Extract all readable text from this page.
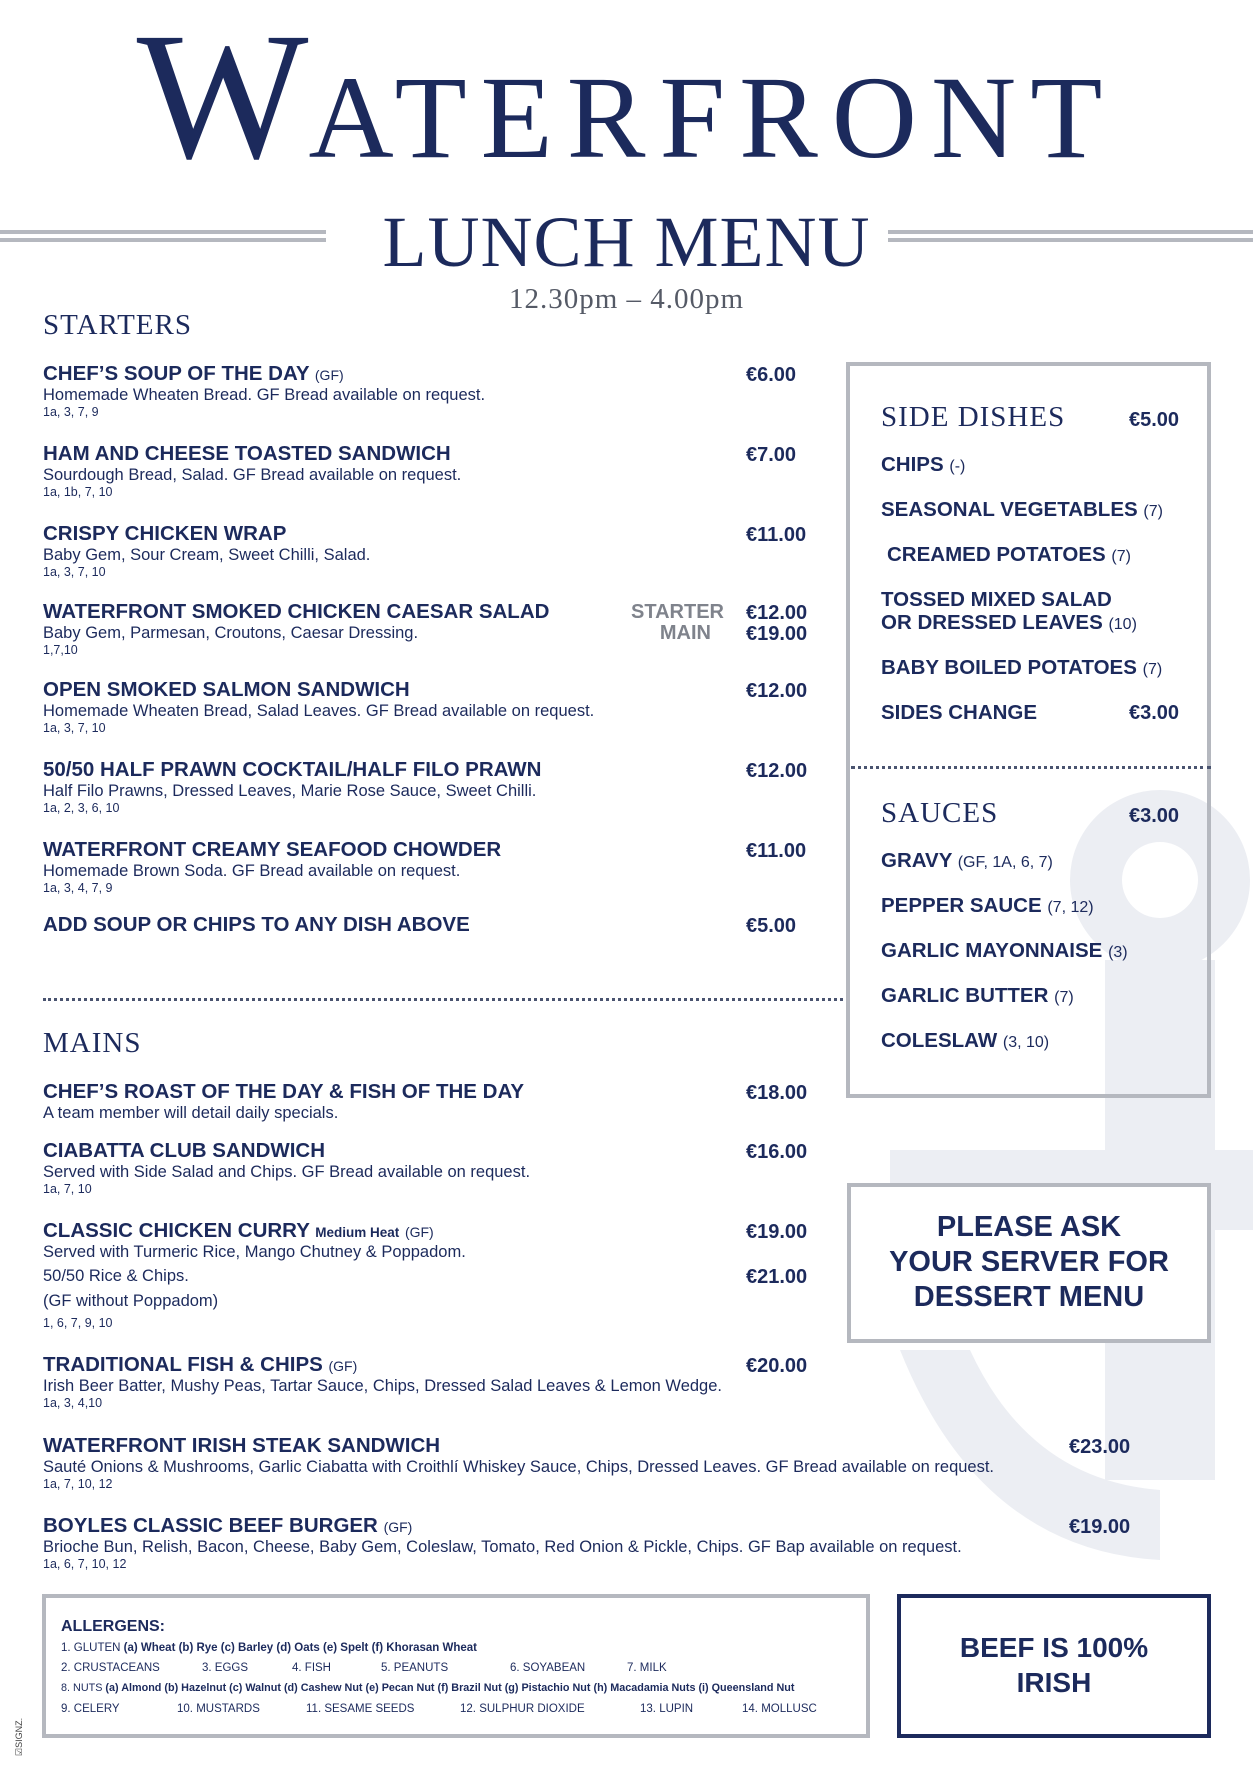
WATERFRONT
LUNCH MENU
12.30pm – 4.00pm
STARTERS
CHEF’S SOUP OF THE DAY (GF)
Homemade Wheaten Bread. GF Bread available on request.
1a, 3, 7, 9
€6.00
HAM AND CHEESE TOASTED SANDWICH
Sourdough Bread, Salad. GF Bread available on request.
1a, 1b, 7, 10
€7.00
CRISPY CHICKEN WRAP
Baby Gem, Sour Cream, Sweet Chilli, Salad.
1a, 3, 7, 10
€11.00
WATERFRONT SMOKED CHICKEN CAESAR SALAD
Baby Gem, Parmesan, Croutons, Caesar Dressing.
1,7,10
STARTER
MAIN
€12.00
€19.00
OPEN SMOKED SALMON SANDWICH
Homemade Wheaten Bread, Salad Leaves. GF Bread available on request.
1a, 3, 7, 10
€12.00
50/50 HALF PRAWN COCKTAIL/HALF FILO PRAWN
Half Filo Prawns, Dressed Leaves, Marie Rose Sauce, Sweet Chilli.
1a, 2, 3, 6, 10
€12.00
WATERFRONT CREAMY SEAFOOD CHOWDER
Homemade Brown Soda. GF Bread available on request.
1a, 3, 4, 7, 9
€11.00
ADD SOUP OR CHIPS TO ANY DISH ABOVE	€5.00
MAINS
CHEF’S ROAST OF THE DAY & FISH OF THE DAY
A team member will detail daily specials.
€18.00
CIABATTA CLUB SANDWICH
Served with Side Salad and Chips. GF Bread available on request.
1a, 7, 10
€16.00
CLASSIC CHICKEN CURRY Medium Heat (GF)
Served with Turmeric Rice, Mango Chutney & Poppadom.
50/50 Rice & Chips.
(GF without Poppadom)
1, 6, 7, 9, 10
€19.00
€21.00
TRADITIONAL FISH & CHIPS (GF)
Irish Beer Batter, Mushy Peas, Tartar Sauce, Chips, Dressed Salad Leaves & Lemon Wedge.
1a, 3, 4,10
€20.00
WATERFRONT IRISH STEAK SANDWICH
Sauté Onions & Mushrooms, Garlic Ciabatta with Croithlí Whiskey Sauce, Chips, Dressed Leaves. GF Bread available on request.
1a, 7, 10, 12
€23.00
BOYLES CLASSIC BEEF BURGER (GF)
Brioche Bun, Relish, Bacon, Cheese, Baby Gem, Coleslaw, Tomato, Red Onion & Pickle, Chips. GF Bap available on request.
1a, 6, 7, 10, 12
€19.00
SIDE DISHES	€5.00
CHIPS (-)
SEASONAL VEGETABLES (7)
CREAMED POTATOES (7)
TOSSED MIXED SALAD
OR DRESSED LEAVES (10)
BABY BOILED POTATOES (7)
SIDES CHANGE	€3.00
SAUCES	€3.00
GRAVY (GF, 1A, 6, 7)
PEPPER SAUCE (7, 12)
GARLIC MAYONNAISE (3)
GARLIC BUTTER (7)
COLESLAW (3, 10)
PLEASE ASK
YOUR SERVER FOR
DESSERT MENU
ALLERGENS:
1. GLUTEN (a) Wheat (b) Rye (c) Barley (d) Oats (e) Spelt (f) Khorasan Wheat
2. CRUSTACEANS	3. EGGS	4. FISH	5. PEANUTS	6. SOYABEAN	7. MILK
8. NUTS (a) Almond (b) Hazelnut (c) Walnut (d) Cashew Nut (e) Pecan Nut (f) Brazil Nut (g) Pistachio Nut (h) Macadamia Nuts (i) Queensland Nut
9. CELERY	10. MUSTARDS	11. SESAME SEEDS	12. SULPHUR DIOXIDE	13. LUPIN	14. MOLLUSC
BEEF IS 100%
IRISH
☑SIGNZ.
